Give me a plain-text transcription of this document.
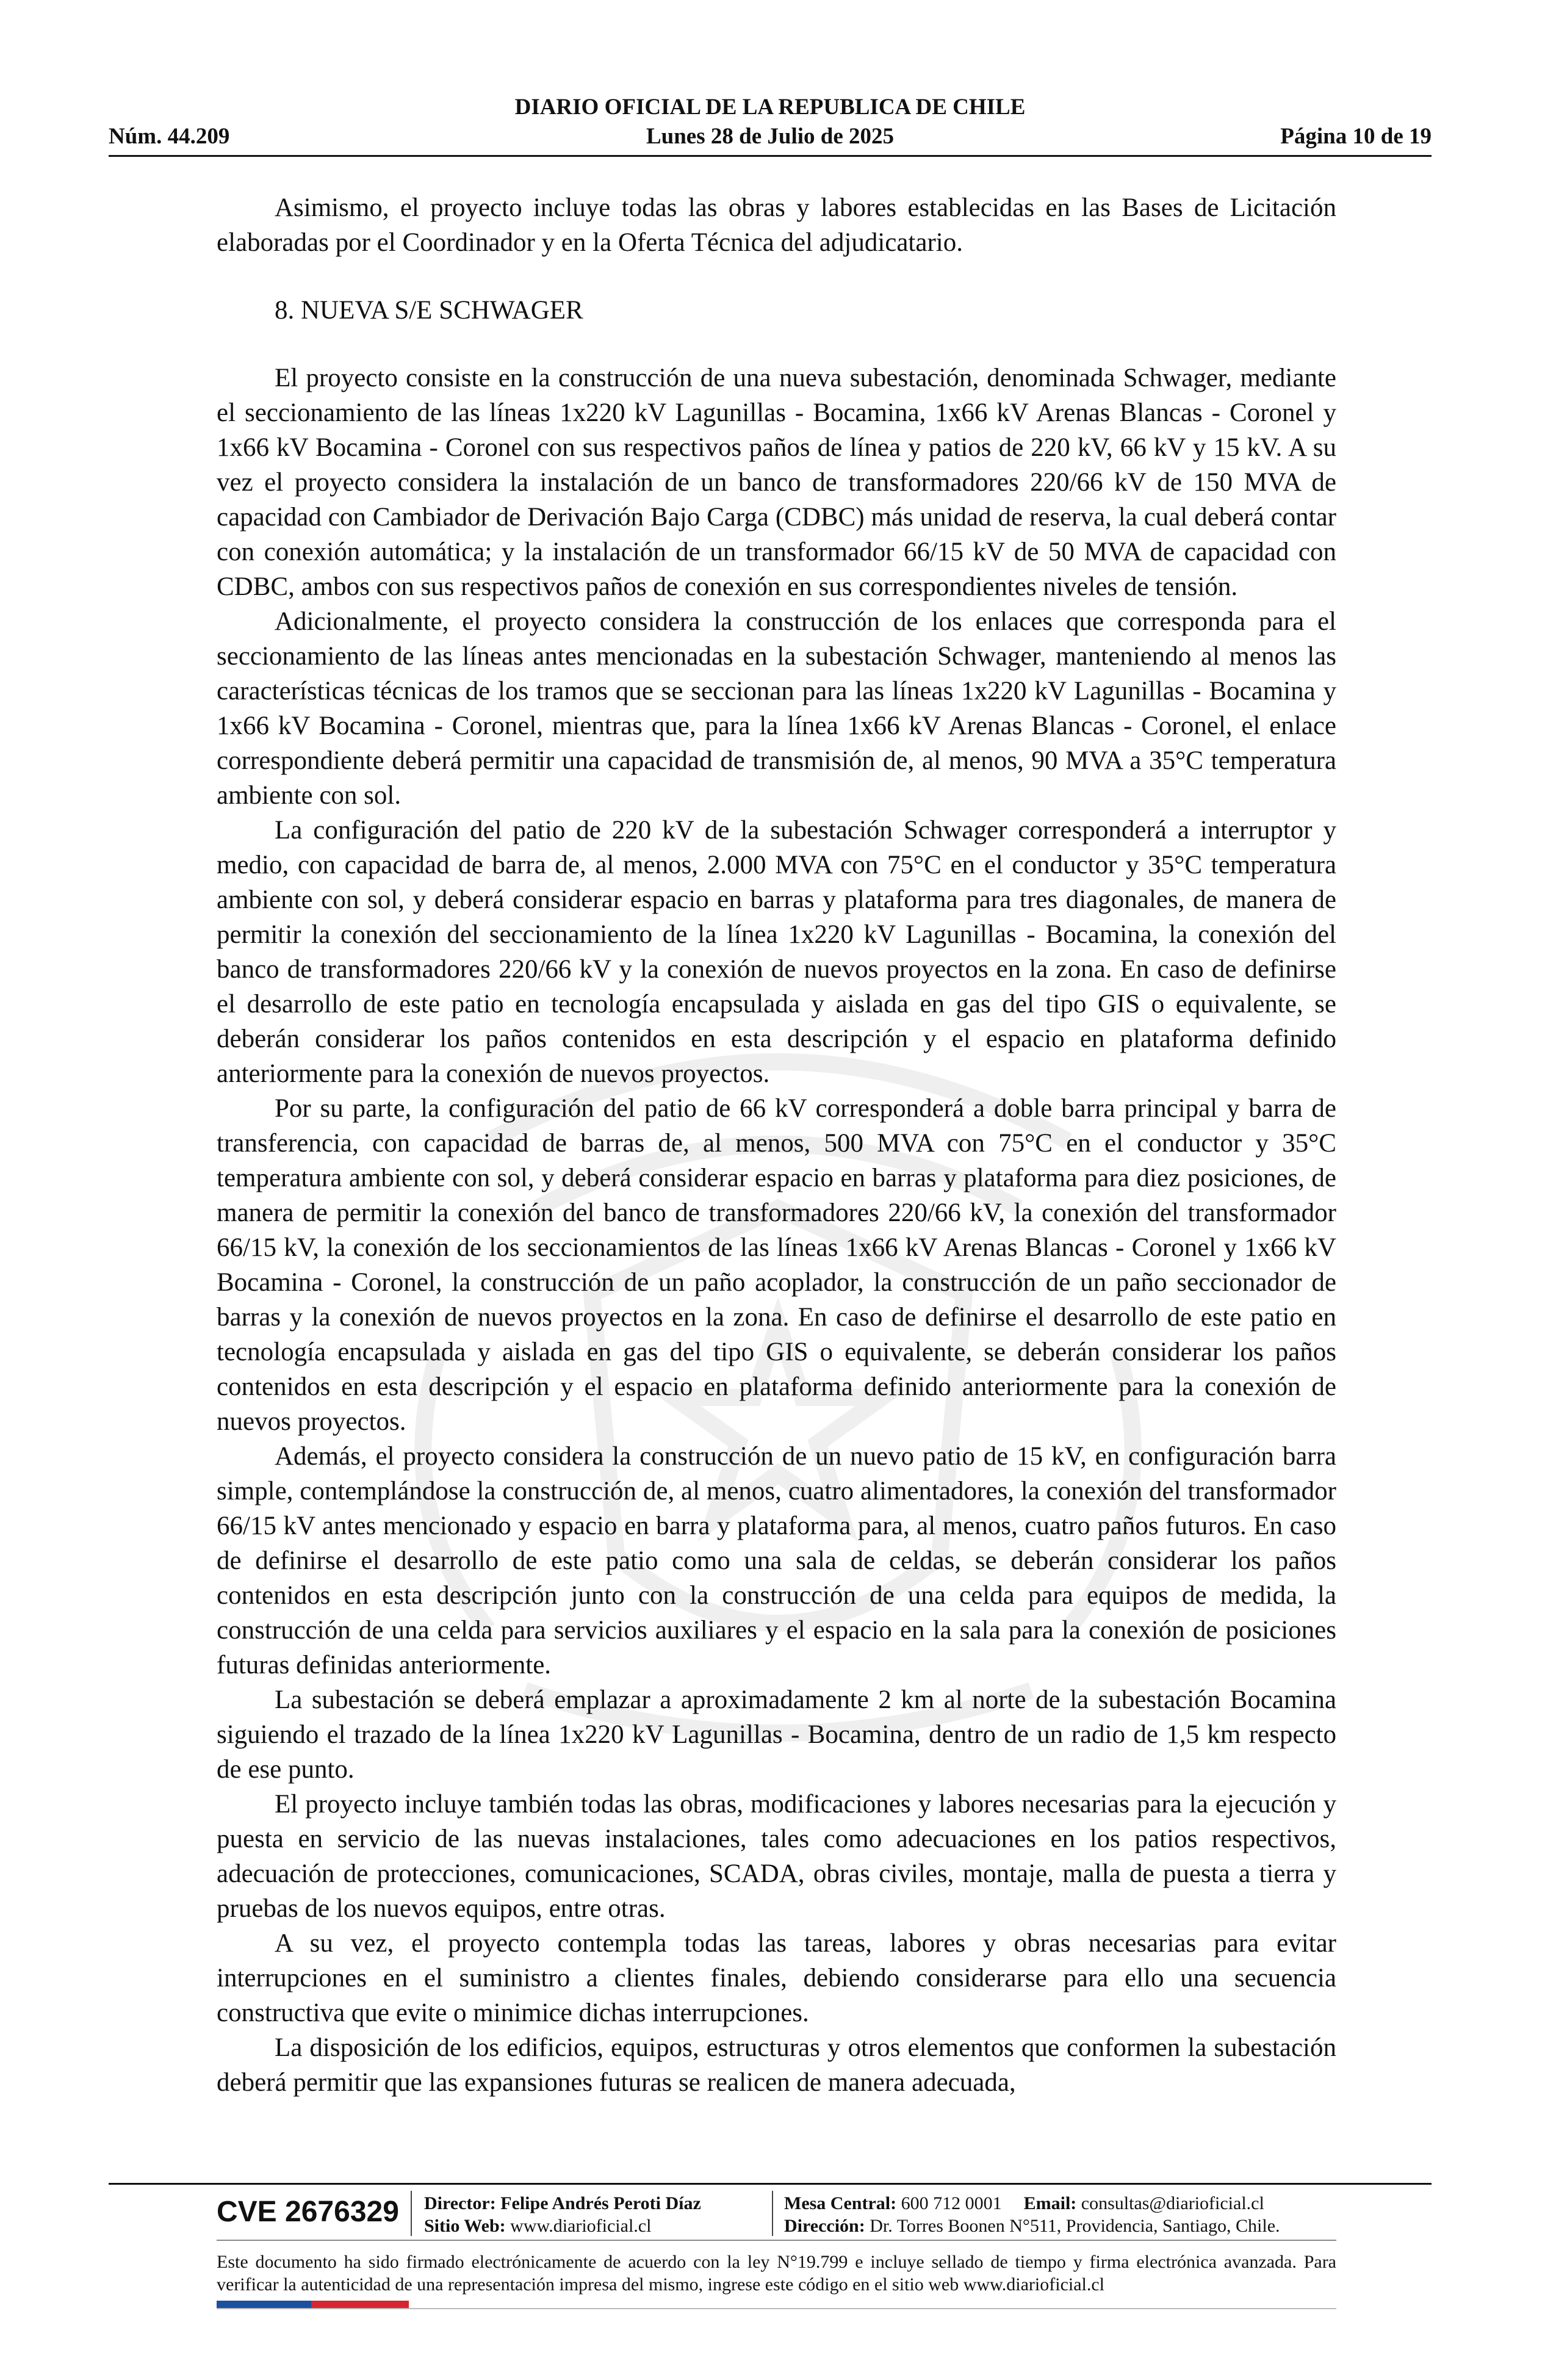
DIARIO OFICIAL DE LA REPUBLICA DE CHILE
Núm. 44.209	Lunes 28 de Julio de 2025	Página 10 de 19

Asimismo, el proyecto incluye todas las obras y labores establecidas en las Bases de Licitación elaboradas por el Coordinador y en la Oferta Técnica del adjudicatario.

8. NUEVA S/E SCHWAGER

El proyecto consiste en la construcción de una nueva subestación, denominada Schwager, mediante el seccionamiento de las líneas 1x220 kV Lagunillas - Bocamina, 1x66 kV Arenas Blancas - Coronel y 1x66 kV Bocamina - Coronel con sus respectivos paños de línea y patios de 220 kV, 66 kV y 15 kV. A su vez el proyecto considera la instalación de un banco de transformadores 220/66 kV de 150 MVA de capacidad con Cambiador de Derivación Bajo Carga (CDBC) más unidad de reserva, la cual deberá contar con conexión automática; y la instalación de un transformador 66/15 kV de 50 MVA de capacidad con CDBC, ambos con sus respectivos paños de conexión en sus correspondientes niveles de tensión.

Adicionalmente, el proyecto considera la construcción de los enlaces que corresponda para el seccionamiento de las líneas antes mencionadas en la subestación Schwager, manteniendo al menos las características técnicas de los tramos que se seccionan para las líneas 1x220 kV Lagunillas - Bocamina y 1x66 kV Bocamina - Coronel, mientras que, para la línea 1x66 kV Arenas Blancas - Coronel, el enlace correspondiente deberá permitir una capacidad de transmisión de, al menos, 90 MVA a 35°C temperatura ambiente con sol.

La configuración del patio de 220 kV de la subestación Schwager corresponderá a interruptor y medio, con capacidad de barra de, al menos, 2.000 MVA con 75°C en el conductor y 35°C temperatura ambiente con sol, y deberá considerar espacio en barras y plataforma para tres diagonales, de manera de permitir la conexión del seccionamiento de la línea 1x220 kV Lagunillas - Bocamina, la conexión del banco de transformadores 220/66 kV y la conexión de nuevos proyectos en la zona. En caso de definirse el desarrollo de este patio en tecnología encapsulada y aislada en gas del tipo GIS o equivalente, se deberán considerar los paños contenidos en esta descripción y el espacio en plataforma definido anteriormente para la conexión de nuevos proyectos.

Por su parte, la configuración del patio de 66 kV corresponderá a doble barra principal y barra de transferencia, con capacidad de barras de, al menos, 500 MVA con 75°C en el conductor y 35°C temperatura ambiente con sol, y deberá considerar espacio en barras y plataforma para diez posiciones, de manera de permitir la conexión del banco de transformadores 220/66 kV, la conexión del transformador 66/15 kV, la conexión de los seccionamientos de las líneas 1x66 kV Arenas Blancas - Coronel y 1x66 kV Bocamina - Coronel, la construcción de un paño acoplador, la construcción de un paño seccionador de barras y la conexión de nuevos proyectos en la zona. En caso de definirse el desarrollo de este patio en tecnología encapsulada y aislada en gas del tipo GIS o equivalente, se deberán considerar los paños contenidos en esta descripción y el espacio en plataforma definido anteriormente para la conexión de nuevos proyectos.

Además, el proyecto considera la construcción de un nuevo patio de 15 kV, en configuración barra simple, contemplándose la construcción de, al menos, cuatro alimentadores, la conexión del transformador 66/15 kV antes mencionado y espacio en barra y plataforma para, al menos, cuatro paños futuros. En caso de definirse el desarrollo de este patio como una sala de celdas, se deberán considerar los paños contenidos en esta descripción junto con la construcción de una celda para equipos de medida, la construcción de una celda para servicios auxiliares y el espacio en la sala para la conexión de posiciones futuras definidas anteriormente.

La subestación se deberá emplazar a aproximadamente 2 km al norte de la subestación Bocamina siguiendo el trazado de la línea 1x220 kV Lagunillas - Bocamina, dentro de un radio de 1,5 km respecto de ese punto.

El proyecto incluye también todas las obras, modificaciones y labores necesarias para la ejecución y puesta en servicio de las nuevas instalaciones, tales como adecuaciones en los patios respectivos, adecuación de protecciones, comunicaciones, SCADA, obras civiles, montaje, malla de puesta a tierra y pruebas de los nuevos equipos, entre otras.

A su vez, el proyecto contempla todas las tareas, labores y obras necesarias para evitar interrupciones en el suministro a clientes finales, debiendo considerarse para ello una secuencia constructiva que evite o minimice dichas interrupciones.

La disposición de los edificios, equipos, estructuras y otros elementos que conformen la subestación deberá permitir que las expansiones futuras se realicen de manera adecuada,

CVE 2676329 Director: Felipe Andrés Peroti Díaz
Sitio Web: www.diarioficial.cl
Mesa Central: 600 712 0001 Email: consultas@diarioficial.cl
Dirección: Dr. Torres Boonen N°511, Providencia, Santiago, Chile.
Este documento ha sido firmado electrónicamente de acuerdo con la ley N°19.799 e incluye sellado de tiempo y firma electrónica avanzada. Para verificar la autenticidad de una representación impresa del mismo, ingrese este código en el sitio web www.diarioficial.cl
